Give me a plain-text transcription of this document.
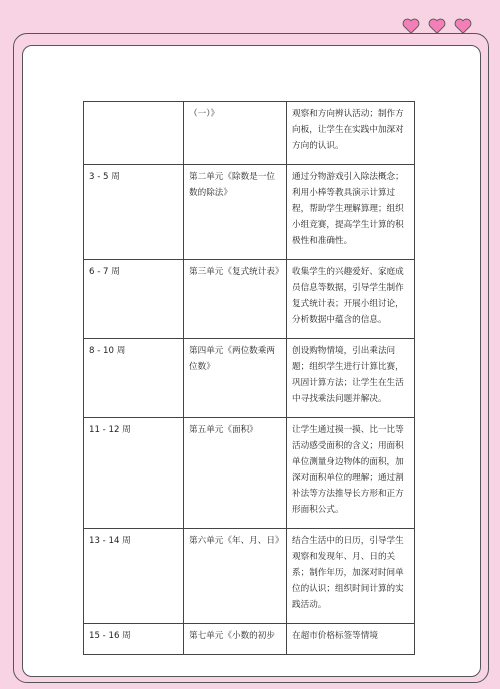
	（一）》	观察和方向辨认活动；制作方向板，让学生在实践中加深对方向的认识。
3 - 5 周	第二单元《除数是一位数的除法》	通过分物游戏引入除法概念；利用小棒等教具演示计算过程，帮助学生理解算理；组织小组竞赛，提高学生计算的积极性和准确性。
6 - 7 周	第三单元《复式统计表》	收集学生的兴趣爱好、家庭成员信息等数据，引导学生制作复式统计表；开展小组讨论，分析数据中蕴含的信息。
8 - 10 周	第四单元《两位数乘两位数》	创设购物情境，引出乘法问题；组织学生进行计算比赛，巩固计算方法；让学生在生活中寻找乘法问题并解决。
11 - 12 周	第五单元《面积》	让学生通过摸一摸、比一比等活动感受面积的含义；用面积单位测量身边物体的面积，加深对面积单位的理解；通过割补法等方法推导长方形和正方形面积公式。
13 - 14 周	第六单元《年、月、日》	结合生活中的日历，引导学生观察和发现年、月、日的关系；制作年历，加深对时间单位的认识；组织时间计算的实践活动。
15 - 16 周	第七单元《小数的初步	在超市价格标签等情境
